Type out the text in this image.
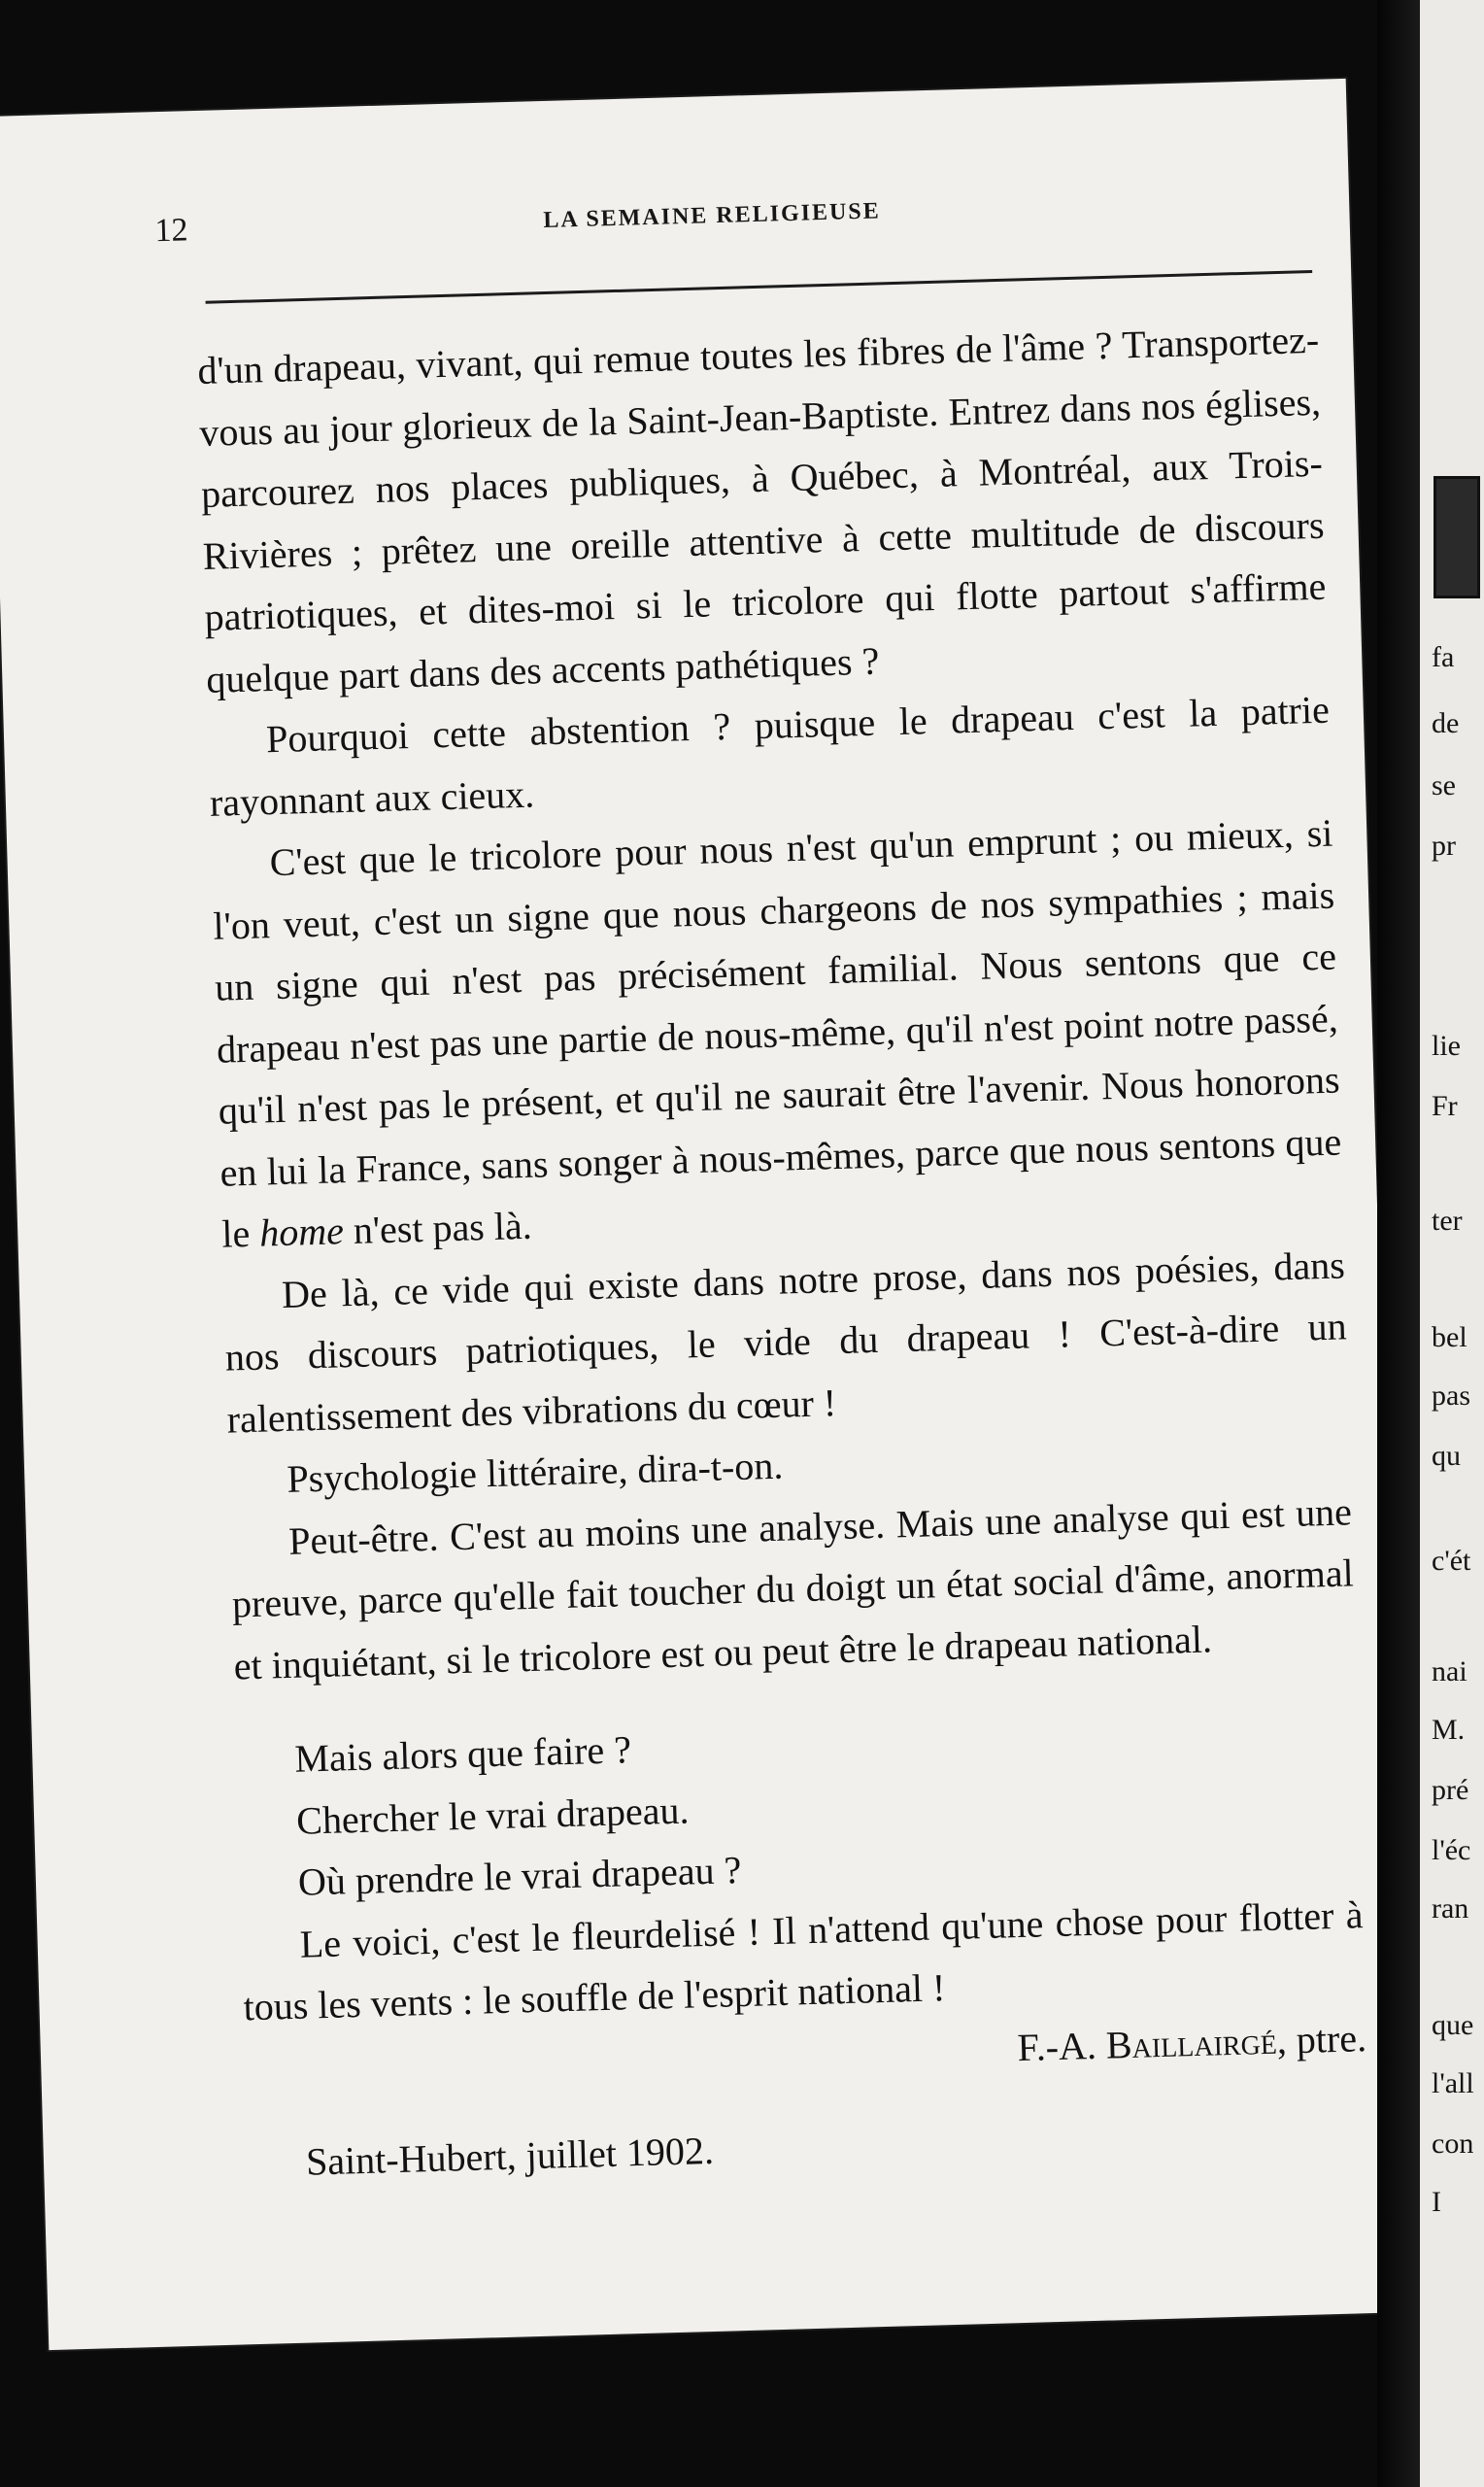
12	LA SEMAINE RELIGIEUSE

d'un drapeau, vivant, qui remue toutes les fibres de l'âme ? Transportez-vous au jour glorieux de la Saint-Jean-Baptiste. Entrez dans nos églises, parcourez nos places publiques, à Québec, à Montréal, aux Trois-Rivières ; prêtez une oreille attentive à cette multitude de discours patriotiques, et dites-moi si le tricolore qui flotte partout s'affirme quelque part dans des accents pathétiques ?

Pourquoi cette abstention ? puisque le drapeau c'est la patrie rayonnant aux cieux.

C'est que le tricolore pour nous n'est qu'un emprunt ; ou mieux, si l'on veut, c'est un signe que nous chargeons de nos sympathies ; mais un signe qui n'est pas précisément familial. Nous sentons que ce drapeau n'est pas une partie de nous-même, qu'il n'est point notre passé, qu'il n'est pas le présent, et qu'il ne saurait être l'avenir. Nous honorons en lui la France, sans songer à nous-mêmes, parce que nous sentons que le home n'est pas là.

De là, ce vide qui existe dans notre prose, dans nos poésies, dans nos discours patriotiques, le vide du drapeau ! C'est-à-dire un ralentissement des vibrations du cœur !

Psychologie littéraire, dira-t-on.

Peut-être. C'est au moins une analyse. Mais une analyse qui est une preuve, parce qu'elle fait toucher du doigt un état social d'âme, anormal et inquiétant, si le tricolore est ou peut être le drapeau national.

Mais alors que faire ?

Chercher le vrai drapeau.

Où prendre le vrai drapeau ?

Le voici, c'est le fleurdelisé ! Il n'attend qu'une chose pour flotter à tous les vents : le souffle de l'esprit national !

F.-A. Baillairgé, ptre.

Saint-Hubert, juillet 1902.

fa
de
se
pr
lie
Fr
ter
bel
pas
qu
c'ét
nai
M.
pré
l'éc
ran
que
l'all
con
I
